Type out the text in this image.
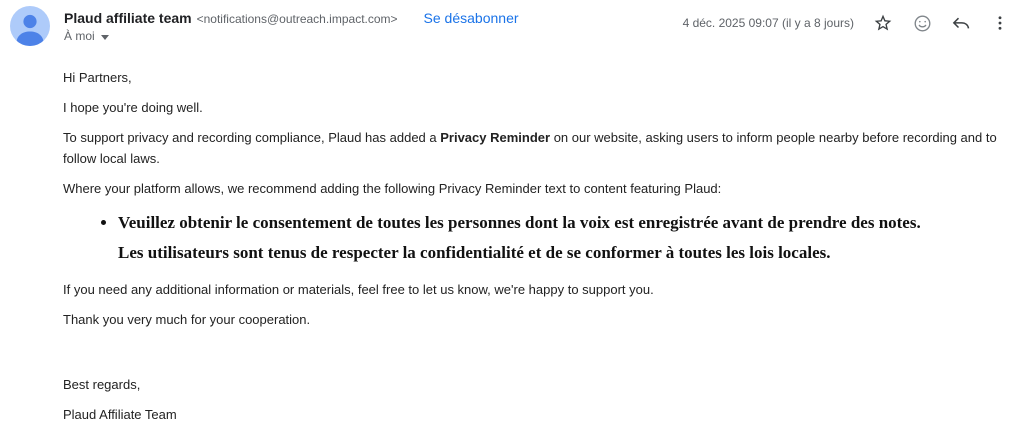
Plaud affiliate team <notifications@outreach.impact.com> Se désabonner
À moi
4 déc. 2025 09:07 (il y a 8 jours)

Hi Partners,

I hope you're doing well.

To support privacy and recording compliance, Plaud has added a Privacy Reminder on our website, asking users to inform people nearby before recording and to follow local laws.

Where your platform allows, we recommend adding the following Privacy Reminder text to content featuring Plaud:

• Veuillez obtenir le consentement de toutes les personnes dont la voix est enregistrée avant de prendre des notes. Les utilisateurs sont tenus de respecter la confidentialité et de se conformer à toutes les lois locales.

If you need any additional information or materials, feel free to let us know, we're happy to support you.

Thank you very much for your cooperation.

Best regards,

Plaud Affiliate Team
